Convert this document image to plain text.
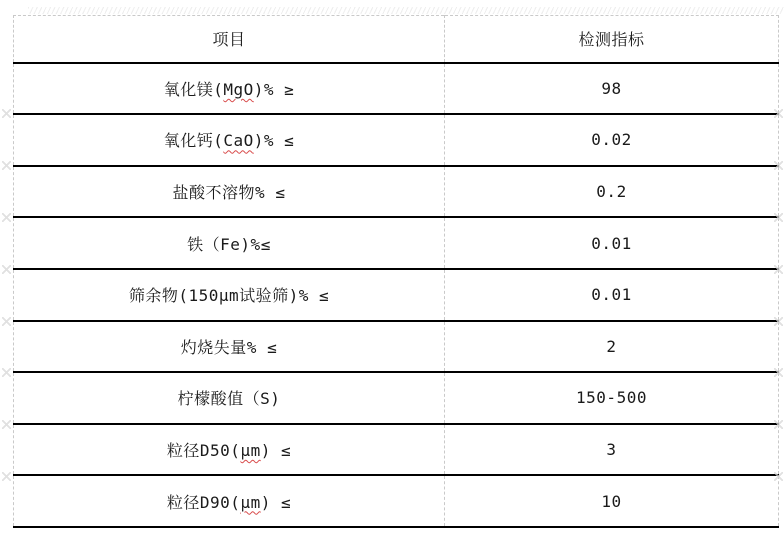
项目	检测指标
氧化镁(MgO)% ≥	98
氧化钙(CaO)% ≤	0.02
盐酸不溶物% ≤	0.2
铁（Fe)%≤	0.01
筛余物(150μm试验筛)% ≤	0.01
灼烧失量% ≤	2
柠檬酸值（S)	150-500
粒径D50(μm) ≤	3
粒径D90(μm) ≤	10
